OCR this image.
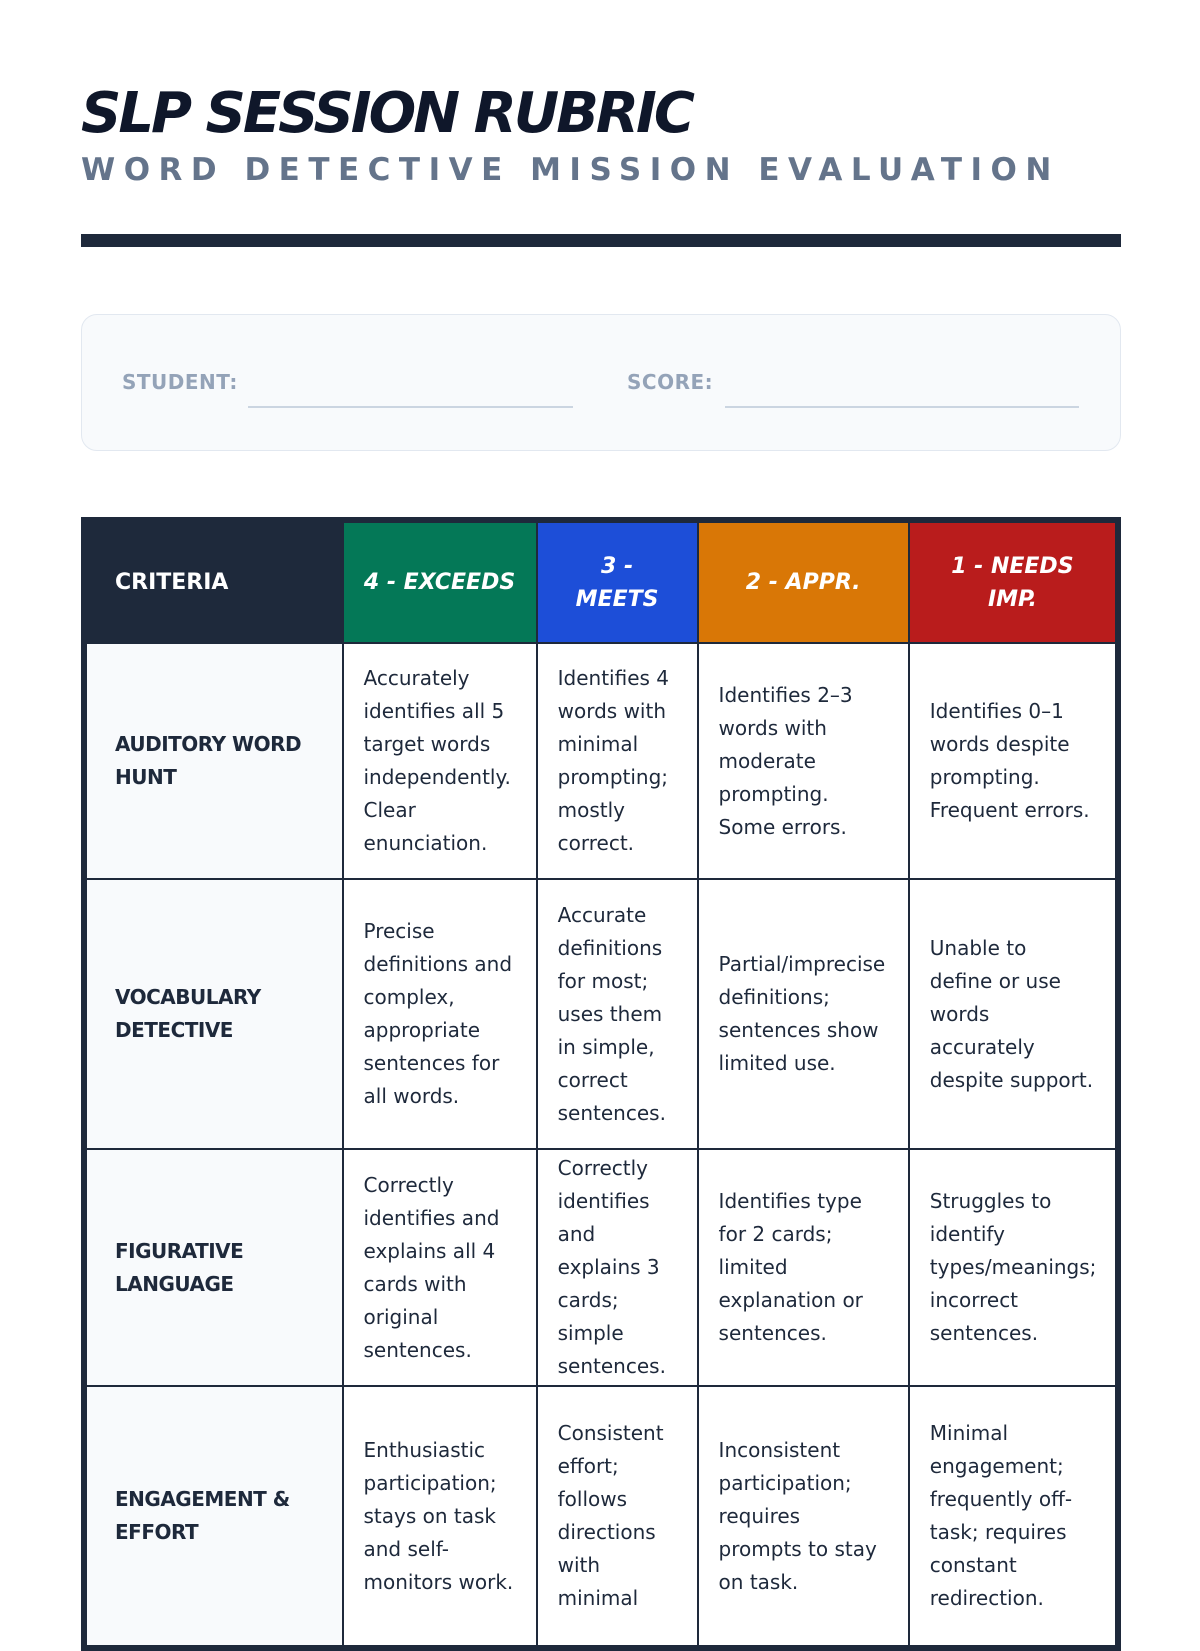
SLP SESSION RUBRIC
WORD DETECTIVE MISSION EVALUATION
STUDENT:	SCORE:
CRITERIA	4 - EXCEEDS	3 - MEETS	2 - APPR.	1 - NEEDS IMP.
AUDITORY WORD HUNT	Accurately identifies all 5 target words independently. Clear enunciation.	Identifies 4 words with minimal prompting; mostly correct.	Identifies 2–3 words with moderate prompting. Some errors.	Identifies 0–1 words despite prompting. Frequent errors.
VOCABULARY DETECTIVE	Precise definitions and complex, appropriate sentences for all words.	Accurate definitions for most; uses them in simple, correct sentences.	Partial/imprecise definitions; sentences show limited use.	Unable to define or use words accurately despite support.
FIGURATIVE LANGUAGE	Correctly identifies and explains all 4 cards with original sentences.	Correctly identifies and explains 3 cards; simple sentences.	Identifies type for 2 cards; limited explanation or sentences.	Struggles to identify types/meanings; incorrect sentences.
ENGAGEMENT & EFFORT	Enthusiastic participation; stays on task and self-monitors work.	Consistent effort; follows directions with minimal	Inconsistent participation; requires prompts to stay on task.	Minimal engagement; frequently off-task; requires constant redirection.
